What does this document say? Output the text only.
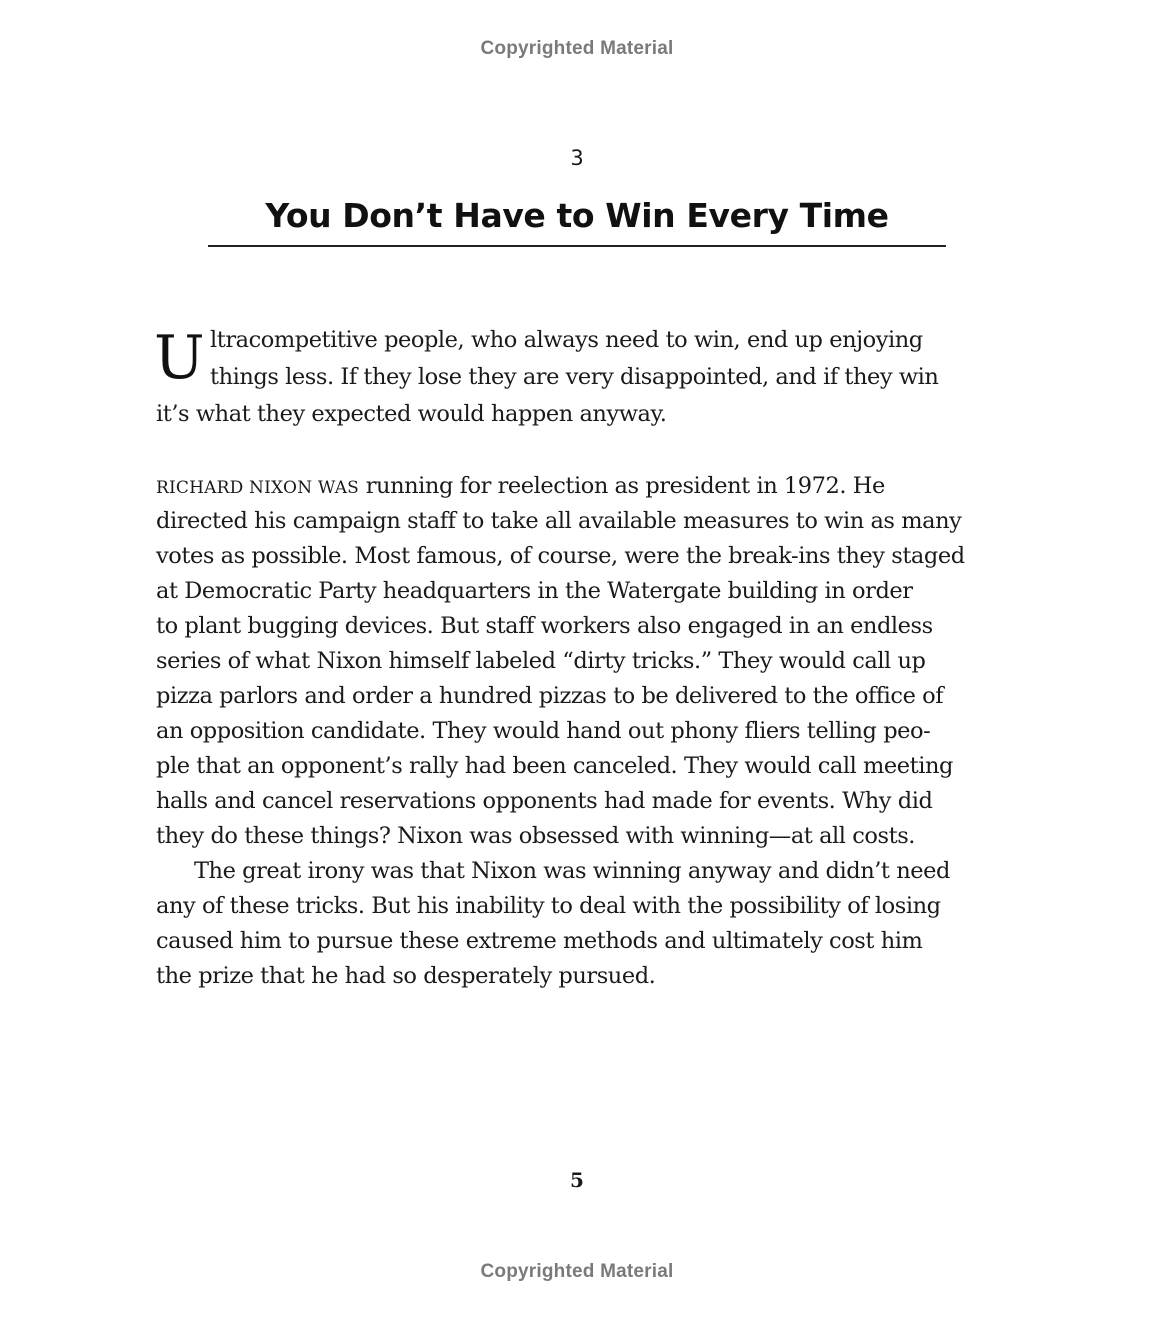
Copyrighted Material
3
You Don’t Have to Win Every Time
U ltracompetitive people, who always need to win, end up enjoying
things less. If they lose they are very disappointed, and if they win
it’s what they expected would happen anyway.
RICHARD NIXON WAS running for reelection as president in 1972. He
directed his campaign staff to take all available measures to win as many
votes as possible. Most famous, of course, were the break-ins they staged
at Democratic Party headquarters in the Watergate building in order
to plant bugging devices. But staff workers also engaged in an endless
series of what Nixon himself labeled “dirty tricks.” They would call up
pizza parlors and order a hundred pizzas to be delivered to the office of
an opposition candidate. They would hand out phony fliers telling peo-
ple that an opponent’s rally had been canceled. They would call meeting
halls and cancel reservations opponents had made for events. Why did
they do these things? Nixon was obsessed with winning—at all costs.
The great irony was that Nixon was winning anyway and didn’t need
any of these tricks. But his inability to deal with the possibility of losing
caused him to pursue these extreme methods and ultimately cost him
the prize that he had so desperately pursued.
5
Copyrighted Material
